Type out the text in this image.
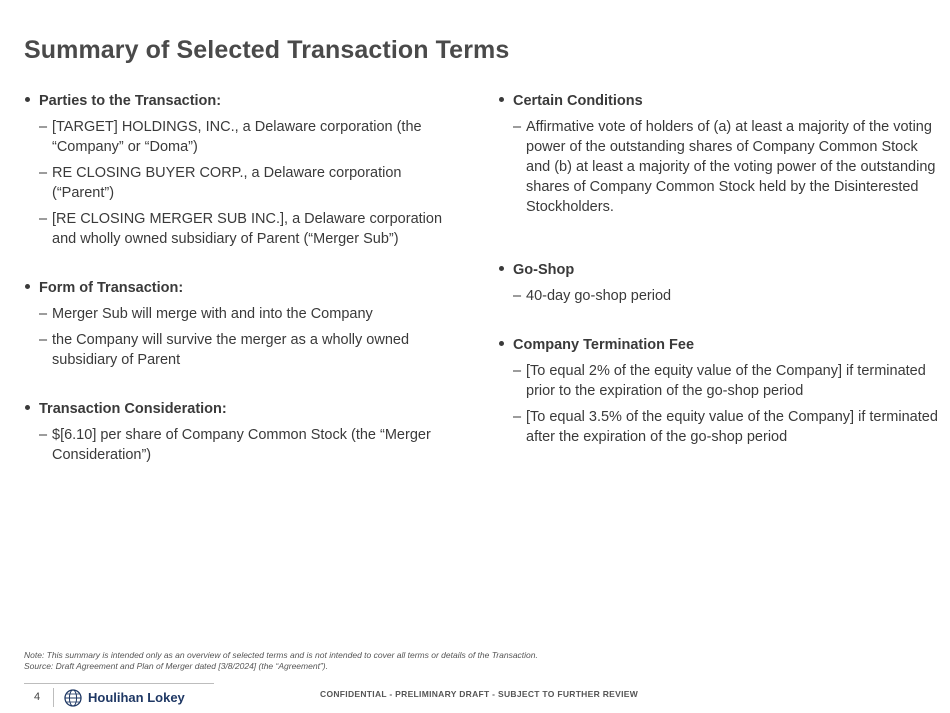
Summary of Selected Transaction Terms
Parties to the Transaction:
– [TARGET] HOLDINGS, INC., a Delaware corporation (the “Company” or “Doma”)
– RE CLOSING BUYER CORP., a Delaware corporation (“Parent”)
– [RE CLOSING MERGER SUB INC.], a Delaware corporation and wholly owned subsidiary of Parent (“Merger Sub”)
Form of Transaction:
– Merger Sub will merge with and into the Company
– the Company will survive the merger as a wholly owned subsidiary of Parent
Transaction Consideration:
– $[6.10] per share of Company Common Stock (the “Merger Consideration”)
Certain Conditions
– Affirmative vote of holders of (a) at least a majority of the voting power of the outstanding shares of Company Common Stock and (b) at least a majority of the voting power of the outstanding shares of Company Common Stock held by the Disinterested Stockholders.
Go-Shop
– 40-day go-shop period
Company Termination Fee
– [To equal 2% of the equity value of the Company] if terminated prior to the expiration of the go-shop period
– [To equal 3.5% of the equity value of the Company] if terminated after the expiration of the go-shop period
Note: This summary is intended only as an overview of selected terms and is not intended to cover all terms or details of the Transaction.
Source: Draft Agreement and Plan of Merger dated [3/8/2024] (the “Agreement”).
4	Houlihan Lokey	CONFIDENTIAL - PRELIMINARY DRAFT - SUBJECT TO FURTHER REVIEW
